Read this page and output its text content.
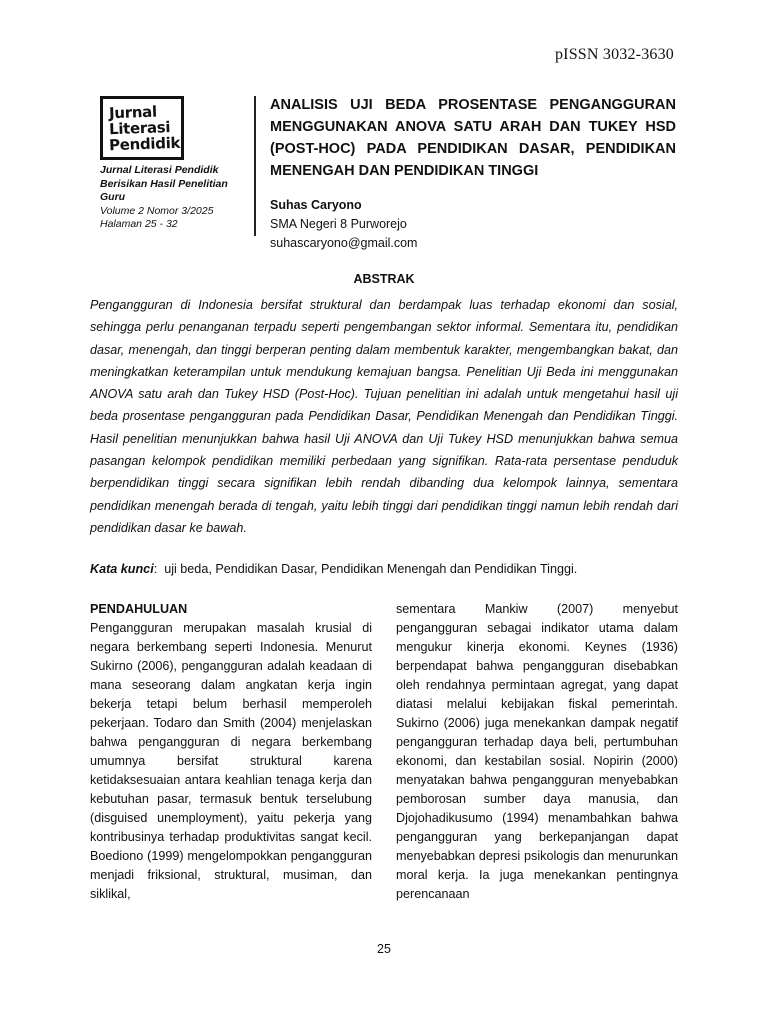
pISSN 3032-3630
Jurnal
Literasi
Pendidik
Jurnal Literasi Pendidik
Berisikan Hasil Penelitian Guru
Volume 2 Nomor 3/2025
Halaman 25 - 32
ANALISIS UJI BEDA PROSENTASE PENGANGGURAN MENGGUNAKAN ANOVA SATU ARAH DAN TUKEY HSD (POST-HOC) PADA PENDIDIKAN DASAR, PENDIDIKAN MENENGAH DAN PENDIDIKAN TINGGI
Suhas Caryono
SMA Negeri 8 Purworejo
suhascaryono@gmail.com
ABSTRAK

Pengangguran di Indonesia bersifat struktural dan berdampak luas terhadap ekonomi dan sosial, sehingga perlu penanganan terpadu seperti pengembangan sektor informal. Sementara itu, pendidikan dasar, menengah, dan tinggi berperan penting dalam membentuk karakter, mengembangkan bakat, dan meningkatkan keterampilan untuk mendukung kemajuan bangsa. Penelitian Uji Beda ini menggunakan ANOVA satu arah dan Tukey HSD (Post-Hoc). Tujuan penelitian ini adalah untuk mengetahui hasil uji beda prosentase pengangguran pada Pendidikan Dasar, Pendidikan Menengah dan Pendidikan Tinggi. Hasil penelitian menunjukkan bahwa hasil Uji ANOVA dan Uji Tukey HSD menunjukkan bahwa semua pasangan kelompok pendidikan memiliki perbedaan yang signifikan. Rata-rata persentase penduduk berpendidikan tinggi secara signifikan lebih rendah dibanding dua kelompok lainnya, sementara pendidikan menengah berada di tengah, yaitu lebih tinggi dari pendidikan tinggi namun lebih rendah dari pendidikan dasar ke bawah.

Kata kunci:  uji beda, Pendidikan Dasar, Pendidikan Menengah dan Pendidikan Tinggi.
PENDAHULUAN

Pengangguran merupakan masalah krusial di negara berkembang seperti Indonesia. Menurut Sukirno (2006), pengangguran adalah keadaan di mana seseorang dalam angkatan kerja ingin bekerja tetapi belum berhasil memperoleh pekerjaan. Todaro dan Smith (2004) menjelaskan bahwa pengangguran di negara berkembang umumnya bersifat struktural karena ketidaksesuaian antara keahlian tenaga kerja dan kebutuhan pasar, termasuk bentuk terselubung (disguised unemployment), yaitu pekerja yang kontribusinya terhadap produktivitas sangat kecil. Boediono (1999) mengelompokkan pengangguran menjadi friksional, struktural, musiman, dan siklikal,

sementara Mankiw (2007) menyebut pengangguran sebagai indikator utama dalam mengukur kinerja ekonomi. Keynes (1936) berpendapat bahwa pengangguran disebabkan oleh rendahnya permintaan agregat, yang dapat diatasi melalui kebijakan fiskal pemerintah. Sukirno (2006) juga menekankan dampak negatif pengangguran terhadap daya beli, pertumbuhan ekonomi, dan kestabilan sosial. Nopirin (2000) menyatakan bahwa pengangguran menyebabkan pemborosan sumber daya manusia, dan Djojohadikusumo (1994) menambahkan bahwa pengangguran yang berkepanjangan dapat menyebabkan depresi psikologis dan menurunkan moral kerja. Ia juga menekankan pentingnya perencanaan

25
